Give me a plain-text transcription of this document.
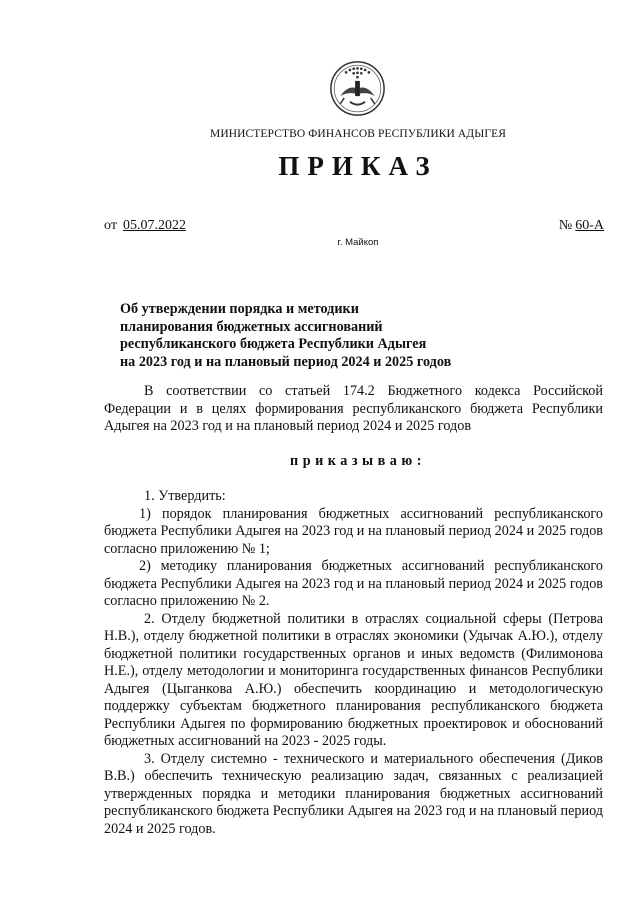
МИНИСТЕРСТВО ФИНАНСОВ РЕСПУБЛИКИ АДЫГЕЯ
ПРИКАЗ
от 05.07.2022	№ 60-А
г. Майкоп
Об утверждении порядка и методики
планирования бюджетных ассигнований
республиканского бюджета Республики Адыгея
на 2023 год и на плановый период 2024 и 2025 годов

В соответствии со статьей 174.2 Бюджетного кодекса Российской Федерации и в целях формирования республиканского бюджета Республики Адыгея на 2023 год и на плановый период 2024 и 2025 годов

приказываю:

1. Утвердить:

1) порядок планирования бюджетных ассигнований республиканского бюджета Республики Адыгея на 2023 год и на плановый период 2024 и 2025 годов согласно приложению № 1;

2) методику планирования бюджетных ассигнований республиканского бюджета Республики Адыгея на 2023 год и на плановый период 2024 и 2025 годов согласно приложению № 2.

2. Отделу бюджетной политики в отраслях социальной сферы (Петрова Н.В.), отделу бюджетной политики в отраслях экономики (Удычак А.Ю.), отделу бюджетной политики государственных органов и иных ведомств (Филимонова Н.Е.), отделу методологии и мониторинга государственных финансов Республики Адыгея (Цыганкова А.Ю.) обеспечить координацию и методологическую поддержку субъектам бюджетного планирования республиканского бюджета Республики Адыгея по формированию бюджетных проектировок и обоснований бюджетных ассигнований на 2023 - 2025 годы.

3. Отделу системно - технического и материального обеспечения (Диков В.В.) обеспечить техническую реализацию задач, связанных с реализацией утвержденных порядка и методики планирования бюджетных ассигнований республиканского бюджета Республики Адыгея на 2023 год и на плановый период 2024 и 2025 годов.
